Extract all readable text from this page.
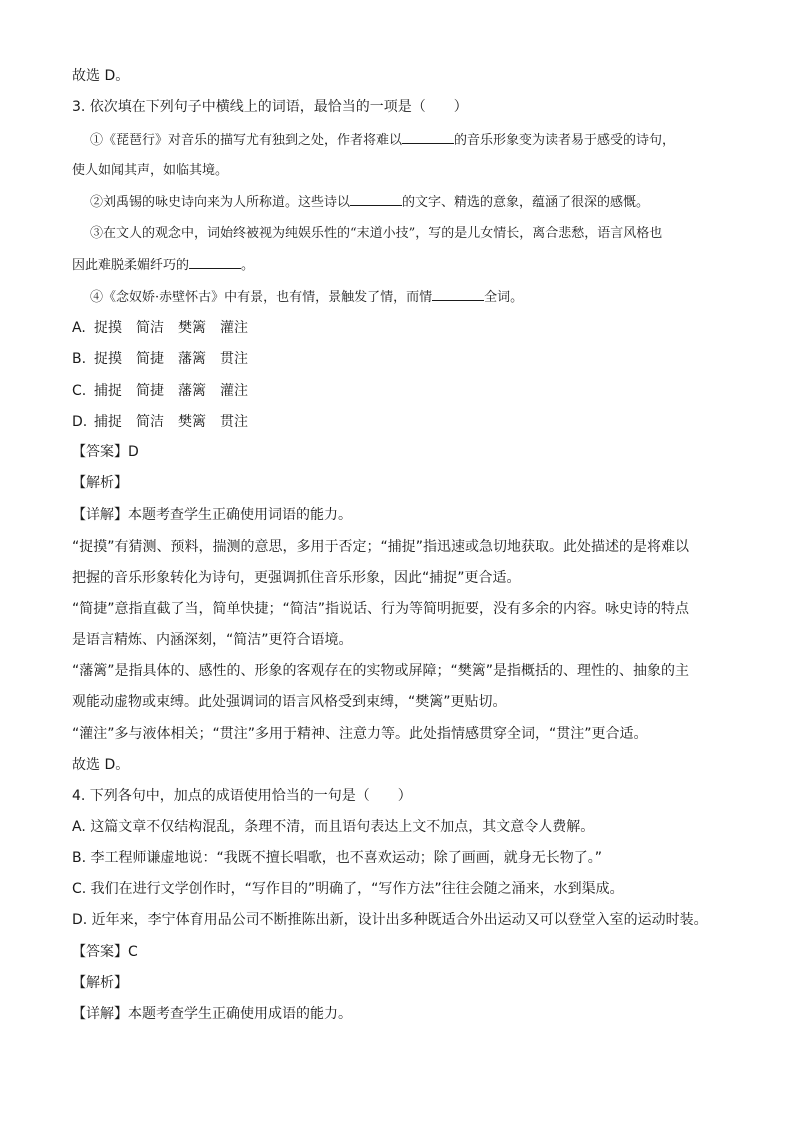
故选 D。
3. 依次填在下列句子中横线上的词语，最恰当的一项是（　　）
①《琵琶行》对音乐的描写尤有独到之处，作者将难以	的音乐形象变为读者易于感受的诗句，
使人如闻其声，如临其境。
②刘禹锡的咏史诗向来为人所称道。这些诗以	的文字、精选的意象，蕴涵了很深的感慨。
③在文人的观念中，词始终被视为纯娱乐性的“末道小技”，写的是儿女情长，离合悲愁，语言风格也
因此难脱柔媚纤巧的	。
④《念奴娇·赤壁怀古》中有景，也有情，景触发了情，而情	全词。
A. 捉摸 简洁 樊篱 灌注
B. 捉摸 简捷 藩篱 贯注
C. 捕捉 简捷 藩篱 灌注
D. 捕捉 简洁 樊篱 贯注
【答案】D
【解析】
【详解】本题考查学生正确使用词语的能力。
“捉摸”有猜测、预料，揣测的意思，多用于否定；“捕捉”指迅速或急切地获取。此处描述的是将难以
把握的音乐形象转化为诗句，更强调抓住音乐形象，因此“捕捉”更合适。
“简捷”意指直截了当，简单快捷；“简洁”指说话、行为等简明扼要，没有多余的内容。咏史诗的特点
是语言精炼、内涵深刻，“简洁”更符合语境。
“藩篱”是指具体的、感性的、形象的客观存在的实物或屏障；“樊篱”是指概括的、理性的、抽象的主
观能动虚物或束缚。此处强调词的语言风格受到束缚，“樊篱”更贴切。
“灌注”多与液体相关；“贯注”多用于精神、注意力等。此处指情感贯穿全词，“贯注”更合适。
故选 D。
4. 下列各句中，加点的成语使用恰当的一句是（　　）
A. 这篇文章不仅结构混乱，条理不清，而且语句表达上文不加点，其文意令人费解。
B. 李工程师谦虚地说：“我既不擅长唱歌，也不喜欢运动；除了画画，就身无长物了。”
C. 我们在进行文学创作时，“写作目的”明确了，“写作方法”往往会随之涌来，水到渠成。
D. 近年来，李宁体育用品公司不断推陈出新，设计出多种既适合外出运动又可以登堂入室的运动时装。
【答案】C
【解析】
【详解】本题考查学生正确使用成语的能力。
